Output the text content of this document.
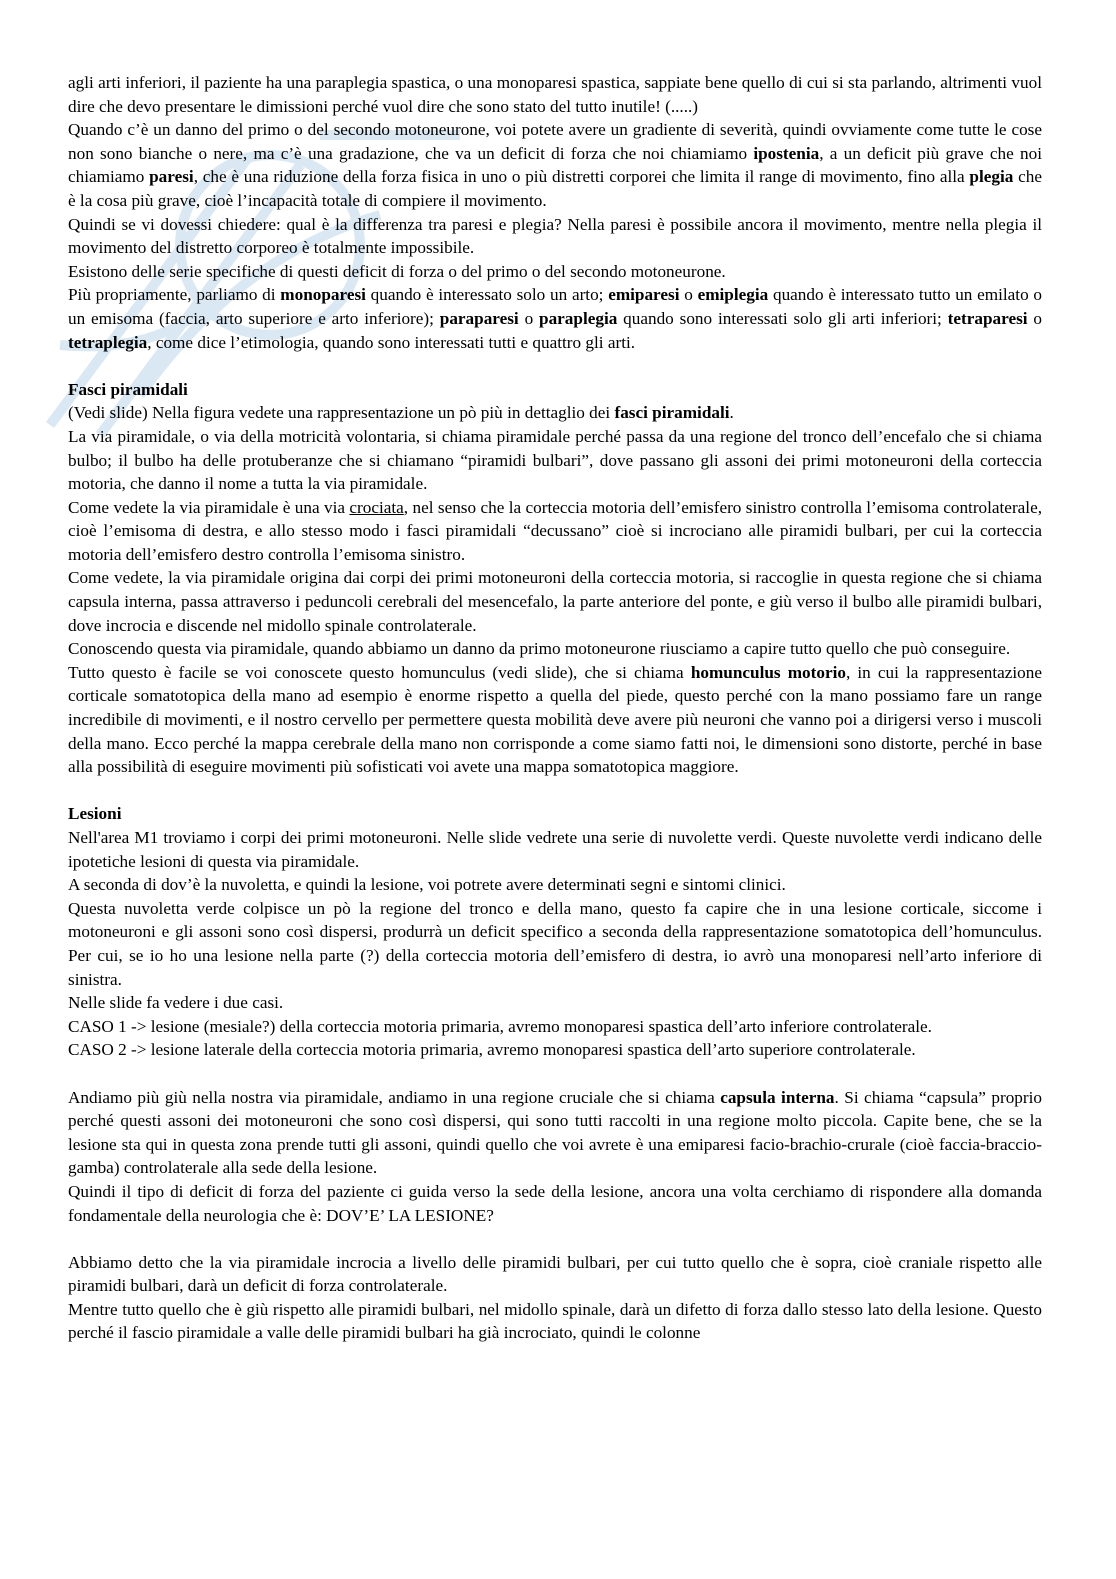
agli arti inferiori, il paziente ha una paraplegia spastica, o una monoparesi spastica, sappiate bene quello di cui si sta parlando, altrimenti vuol dire che devo presentare le dimissioni perché vuol dire che sono stato del tutto inutile! (.....)

Quando c’è un danno del primo o del secondo motoneurone, voi potete avere un gradiente di severità, quindi ovviamente come tutte le cose non sono bianche o nere, ma c’è una gradazione, che va un deficit di forza che noi chiamiamo ipostenia, a un deficit più grave che noi chiamiamo paresi, che è una riduzione della forza fisica in uno o più distretti corporei che limita il range di movimento, fino alla plegia che è la cosa più grave, cioè l’incapacità totale di compiere il movimento.

Quindi se vi dovessi chiedere: qual è la differenza tra paresi e plegia? Nella paresi è possibile ancora il movimento, mentre nella plegia il movimento del distretto corporeo è totalmente impossibile.

Esistono delle serie specifiche di questi deficit di forza o del primo o del secondo motoneurone.

Più propriamente, parliamo di monoparesi quando è interessato solo un arto; emiparesi o emiplegia quando è interessato tutto un emilato o un emisoma (faccia, arto superiore e arto inferiore); paraparesi o paraplegia quando sono interessati solo gli arti inferiori; tetraparesi o tetraplegia, come dice l’etimologia, quando sono interessati tutti e quattro gli arti.

Fasci piramidali

(Vedi slide) Nella figura vedete una rappresentazione un pò più in dettaglio dei fasci piramidali.

La via piramidale, o via della motricità volontaria, si chiama piramidale perché passa da una regione del tronco dell’encefalo che si chiama bulbo; il bulbo ha delle protuberanze che si chiamano “piramidi bulbari”, dove passano gli assoni dei primi motoneuroni della corteccia motoria, che danno il nome a tutta la via piramidale.

Come vedete la via piramidale è una via crociata, nel senso che la corteccia motoria dell’emisfero sinistro controlla l’emisoma controlaterale, cioè l’emisoma di destra, e allo stesso modo i fasci piramidali “decussano” cioè si incrociano alle piramidi bulbari, per cui la corteccia motoria dell’emisfero destro controlla l’emisoma sinistro.

Come vedete, la via piramidale origina dai corpi dei primi motoneuroni della corteccia motoria, si raccoglie in questa regione che si chiama capsula interna, passa attraverso i peduncoli cerebrali del mesencefalo, la parte anteriore del ponte, e giù verso il bulbo alle piramidi bulbari, dove incrocia e discende nel midollo spinale controlaterale.

Conoscendo questa via piramidale, quando abbiamo un danno da primo motoneurone riusciamo a capire tutto quello che può conseguire.

Tutto questo è facile se voi conoscete questo homunculus (vedi slide), che si chiama homunculus motorio, in cui la rappresentazione corticale somatotopica della mano ad esempio è enorme rispetto a quella del piede, questo perché con la mano possiamo fare un range incredibile di movimenti, e il nostro cervello per permettere questa mobilità deve avere più neuroni che vanno poi a dirigersi verso i muscoli della mano. Ecco perché la mappa cerebrale della mano non corrisponde a come siamo fatti noi, le dimensioni sono distorte, perché in base alla possibilità di eseguire movimenti più sofisticati voi avete una mappa somatotopica maggiore.

Lesioni

Nell'area M1 troviamo i corpi dei primi motoneuroni. Nelle slide vedrete una serie di nuvolette verdi. Queste nuvolette verdi indicano delle ipotetiche lesioni di questa via piramidale.

A seconda di dov’è la nuvoletta, e quindi la lesione, voi potrete avere determinati segni e sintomi clinici.

Questa nuvoletta verde colpisce un pò la regione del tronco e della mano, questo fa capire che in una lesione corticale, siccome i motoneuroni e gli assoni sono così dispersi, produrrà un deficit specifico a seconda della rappresentazione somatotopica dell’homunculus. Per cui, se io ho una lesione nella parte (?) della corteccia motoria dell’emisfero di destra, io avrò una monoparesi nell’arto inferiore di sinistra.

Nelle slide fa vedere i due casi.

CASO 1 -> lesione (mesiale?) della corteccia motoria primaria, avremo monoparesi spastica dell’arto inferiore controlaterale.

CASO 2 -> lesione laterale della corteccia motoria primaria, avremo monoparesi spastica dell’arto superiore controlaterale.

Andiamo più giù nella nostra via piramidale, andiamo in una regione cruciale che si chiama capsula interna. Si chiama “capsula” proprio perché questi assoni dei motoneuroni che sono così dispersi, qui sono tutti raccolti in una regione molto piccola. Capite bene, che se la lesione sta qui in questa zona prende tutti gli assoni, quindi quello che voi avrete è una emiparesi facio-brachio-crurale (cioè faccia-braccio-gamba) controlaterale alla sede della lesione.

Quindi il tipo di deficit di forza del paziente ci guida verso la sede della lesione, ancora una volta cerchiamo di rispondere alla domanda fondamentale della neurologia che è: DOV’E’ LA LESIONE?

Abbiamo detto che la via piramidale incrocia a livello delle piramidi bulbari, per cui tutto quello che è sopra, cioè craniale rispetto alle piramidi bulbari, darà un deficit di forza controlaterale.

Mentre tutto quello che è giù rispetto alle piramidi bulbari, nel midollo spinale, darà un difetto di forza dallo stesso lato della lesione. Questo perché il fascio piramidale a valle delle piramidi bulbari ha già incrociato, quindi le colonne
